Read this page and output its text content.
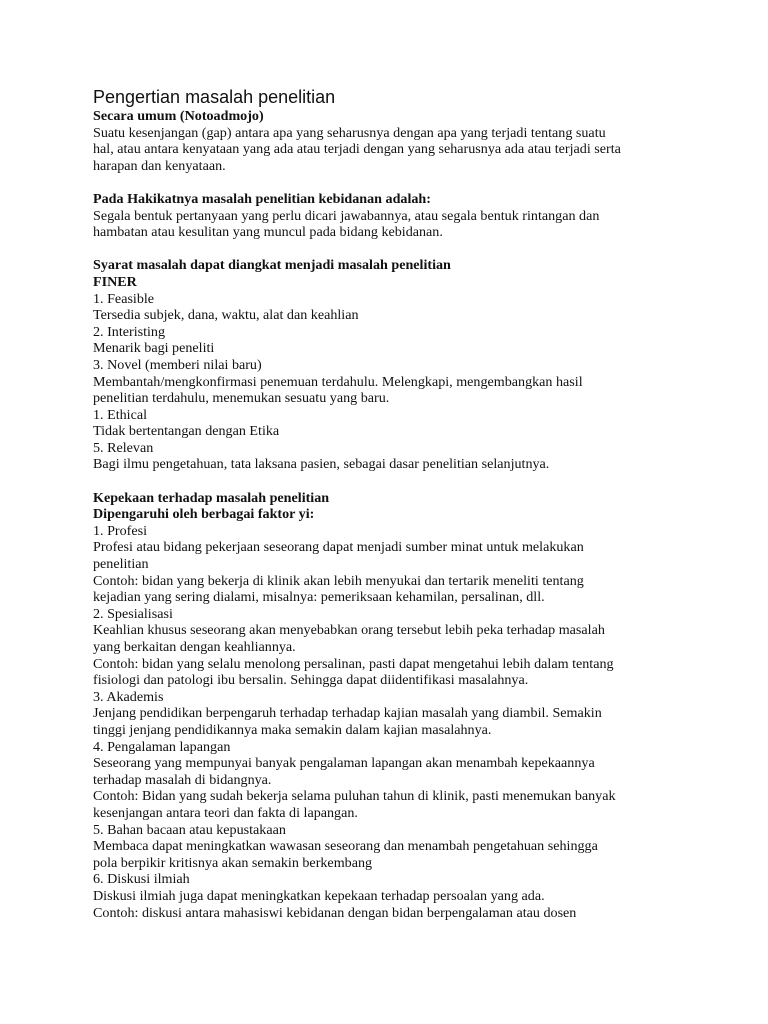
Pengertian masalah penelitian
Secara umum (Notoadmojo)
Suatu kesenjangan (gap) antara apa yang seharusnya dengan apa yang terjadi tentang suatu
hal, atau antara kenyataan yang ada atau terjadi dengan yang seharusnya ada atau terjadi serta
harapan dan kenyataan.
Pada Hakikatnya masalah penelitian kebidanan adalah:
Segala bentuk pertanyaan yang perlu dicari jawabannya, atau segala bentuk rintangan dan
hambatan atau kesulitan yang muncul pada bidang kebidanan.
Syarat masalah dapat diangkat menjadi masalah penelitian
FINER
1. Feasible
Tersedia subjek, dana, waktu, alat dan keahlian
2. Interisting
Menarik bagi peneliti
3. Novel (memberi nilai baru)
Membantah/mengkonfirmasi penemuan terdahulu. Melengkapi, mengembangkan hasil
penelitian terdahulu, menemukan sesuatu yang baru.
1. Ethical
Tidak bertentangan dengan Etika
5. Relevan
Bagi ilmu pengetahuan, tata laksana pasien, sebagai dasar penelitian selanjutnya.
Kepekaan terhadap masalah penelitian
Dipengaruhi oleh berbagai faktor yi:
1. Profesi
Profesi atau bidang pekerjaan seseorang dapat menjadi sumber minat untuk melakukan
penelitian
Contoh: bidan yang bekerja di klinik akan lebih menyukai dan tertarik meneliti tentang
kejadian yang sering dialami, misalnya: pemeriksaan kehamilan, persalinan, dll.
2. Spesialisasi
Keahlian khusus seseorang akan menyebabkan orang tersebut lebih peka terhadap masalah
yang berkaitan dengan keahliannya.
Contoh: bidan yang selalu menolong persalinan, pasti dapat mengetahui lebih dalam tentang
fisiologi dan patologi ibu bersalin. Sehingga dapat diidentifikasi masalahnya.
3. Akademis
Jenjang pendidikan berpengaruh terhadap terhadap kajian masalah yang diambil. Semakin
tinggi jenjang pendidikannya maka semakin dalam kajian masalahnya.
4. Pengalaman lapangan
Seseorang yang mempunyai banyak pengalaman lapangan akan menambah kepekaannya
terhadap masalah di bidangnya.
Contoh: Bidan yang sudah bekerja selama puluhan tahun di klinik, pasti menemukan banyak
kesenjangan antara teori dan fakta di lapangan.
5. Bahan bacaan atau kepustakaan
Membaca dapat meningkatkan wawasan seseorang dan menambah pengetahuan sehingga
pola berpikir kritisnya akan semakin berkembang
6. Diskusi ilmiah
Diskusi ilmiah juga dapat meningkatkan kepekaan terhadap persoalan yang ada.
Contoh: diskusi antara mahasiswi kebidanan dengan bidan berpengalaman atau dosen
